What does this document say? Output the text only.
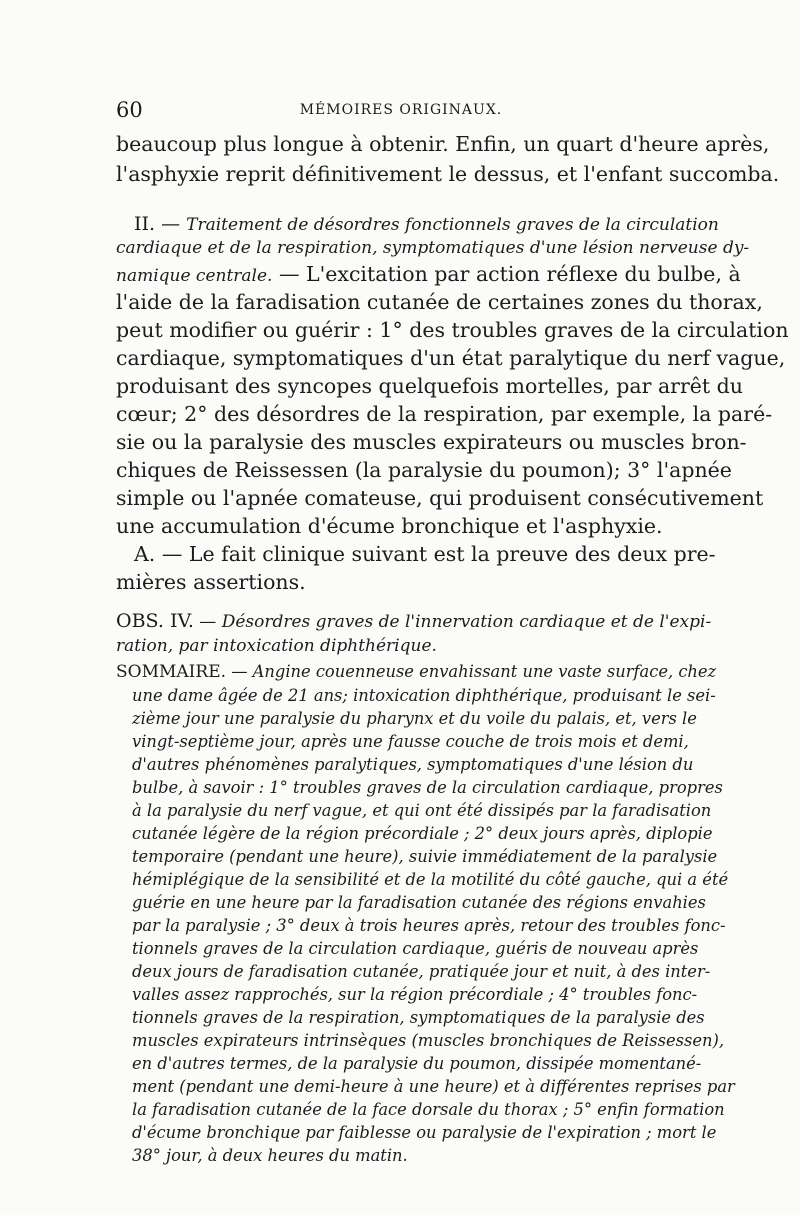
60	MÉMOIRES ORIGINAUX.
beaucoup plus longue à obtenir. Enfin, un quart d'heure après,
l'asphyxie reprit définitivement le dessus, et l'enfant succomba.
II. — Traitement de désordres fonctionnels graves de la circulation
cardiaque et de la respiration, symptomatiques d'une lésion nerveuse dy-
namique centrale. — L'excitation par action réflexe du bulbe, à
l'aide de la faradisation cutanée de certaines zones du thorax,
peut modifier ou guérir : 1° des troubles graves de la circulation
cardiaque, symptomatiques d'un état paralytique du nerf vague,
produisant des syncopes quelquefois mortelles, par arrêt du
cœur; 2° des désordres de la respiration, par exemple, la paré-
sie ou la paralysie des muscles expirateurs ou muscles bron-
chiques de Reissessen (la paralysie du poumon); 3° l'apnée
simple ou l'apnée comateuse, qui produisent consécutivement
une accumulation d'écume bronchique et l'asphyxie.
A. — Le fait clinique suivant est la preuve des deux pre-
mières assertions.
OBS. IV. — Désordres graves de l'innervation cardiaque et de l'expi-
ration, par intoxication diphthérique.
SOMMAIRE. — Angine couenneuse envahissant une vaste surface, chez
une dame âgée de 21 ans; intoxication diphthérique, produisant le sei-
zième jour une paralysie du pharynx et du voile du palais, et, vers le
vingt-septième jour, après une fausse couche de trois mois et demi,
d'autres phénomènes paralytiques, symptomatiques d'une lésion du
bulbe, à savoir : 1° troubles graves de la circulation cardiaque, propres
à la paralysie du nerf vague, et qui ont été dissipés par la faradisation
cutanée légère de la région précordiale ; 2° deux jours après, diplopie
temporaire (pendant une heure), suivie immédiatement de la paralysie
hémiplégique de la sensibilité et de la motilité du côté gauche, qui a été
guérie en une heure par la faradisation cutanée des régions envahies
par la paralysie ; 3° deux à trois heures après, retour des troubles fonc-
tionnels graves de la circulation cardiaque, guéris de nouveau après
deux jours de faradisation cutanée, pratiquée jour et nuit, à des inter-
valles assez rapprochés, sur la région précordiale ; 4° troubles fonc-
tionnels graves de la respiration, symptomatiques de la paralysie des
muscles expirateurs intrinsèques (muscles bronchiques de Reissessen),
en d'autres termes, de la paralysie du poumon, dissipée momentané-
ment (pendant une demi-heure à une heure) et à différentes reprises par
la faradisation cutanée de la face dorsale du thorax ; 5° enfin formation
d'écume bronchique par faiblesse ou paralysie de l'expiration ; mort le
38° jour, à deux heures du matin.
